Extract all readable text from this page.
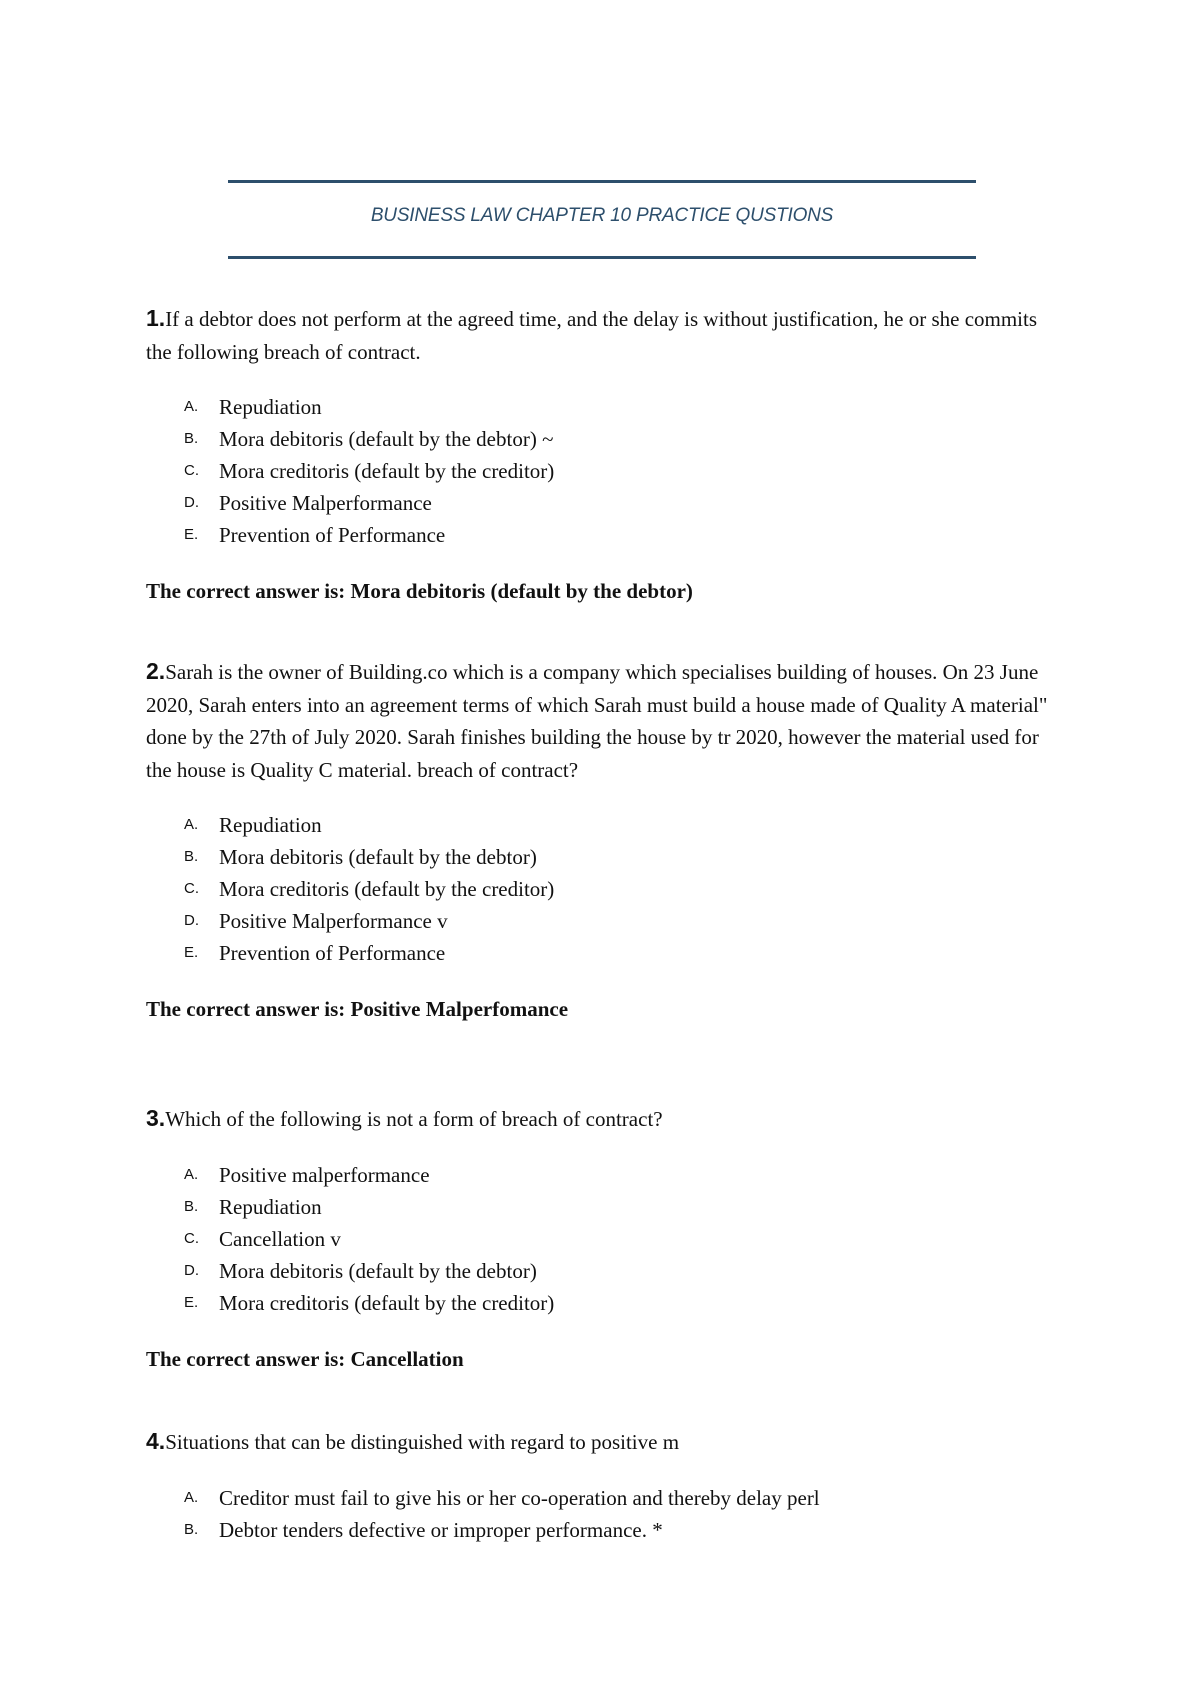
BUSINESS LAW CHAPTER 10 PRACTICE QUSTIONS

1.If a debtor does not perform at the agreed time, and the delay is without justification, he or she commits the following breach of contract.

A. Repudiation
B. Mora debitoris (default by the debtor) ~
C. Mora creditoris (default by the creditor)
D. Positive Malperformance
E. Prevention of Performance

The correct answer is: Mora debitoris (default by the debtor)

2.Sarah is the owner of Building.co which is a company which specialises building of houses. On 23 June 2020, Sarah enters into an agreement terms of which Sarah must build a house made of Quality A material" done by the 27th of July 2020. Sarah finishes building the house by tr 2020, however the material used for the house is Quality C material. breach of contract?

A. Repudiation
B. Mora debitoris (default by the debtor)
C. Mora creditoris (default by the creditor)
D. Positive Malperformance v
E. Prevention of Performance

The correct answer is: Positive Malperfomance

3.Which of the following is not a form of breach of contract?

A. Positive malperformance
B. Repudiation
C. Cancellation v
D. Mora debitoris (default by the debtor)
E. Mora creditoris (default by the creditor)

The correct answer is: Cancellation

4.Situations that can be distinguished with regard to positive m

A. Creditor must fail to give his or her co-operation and thereby delay perl
B. Debtor tenders defective or improper performance. *
